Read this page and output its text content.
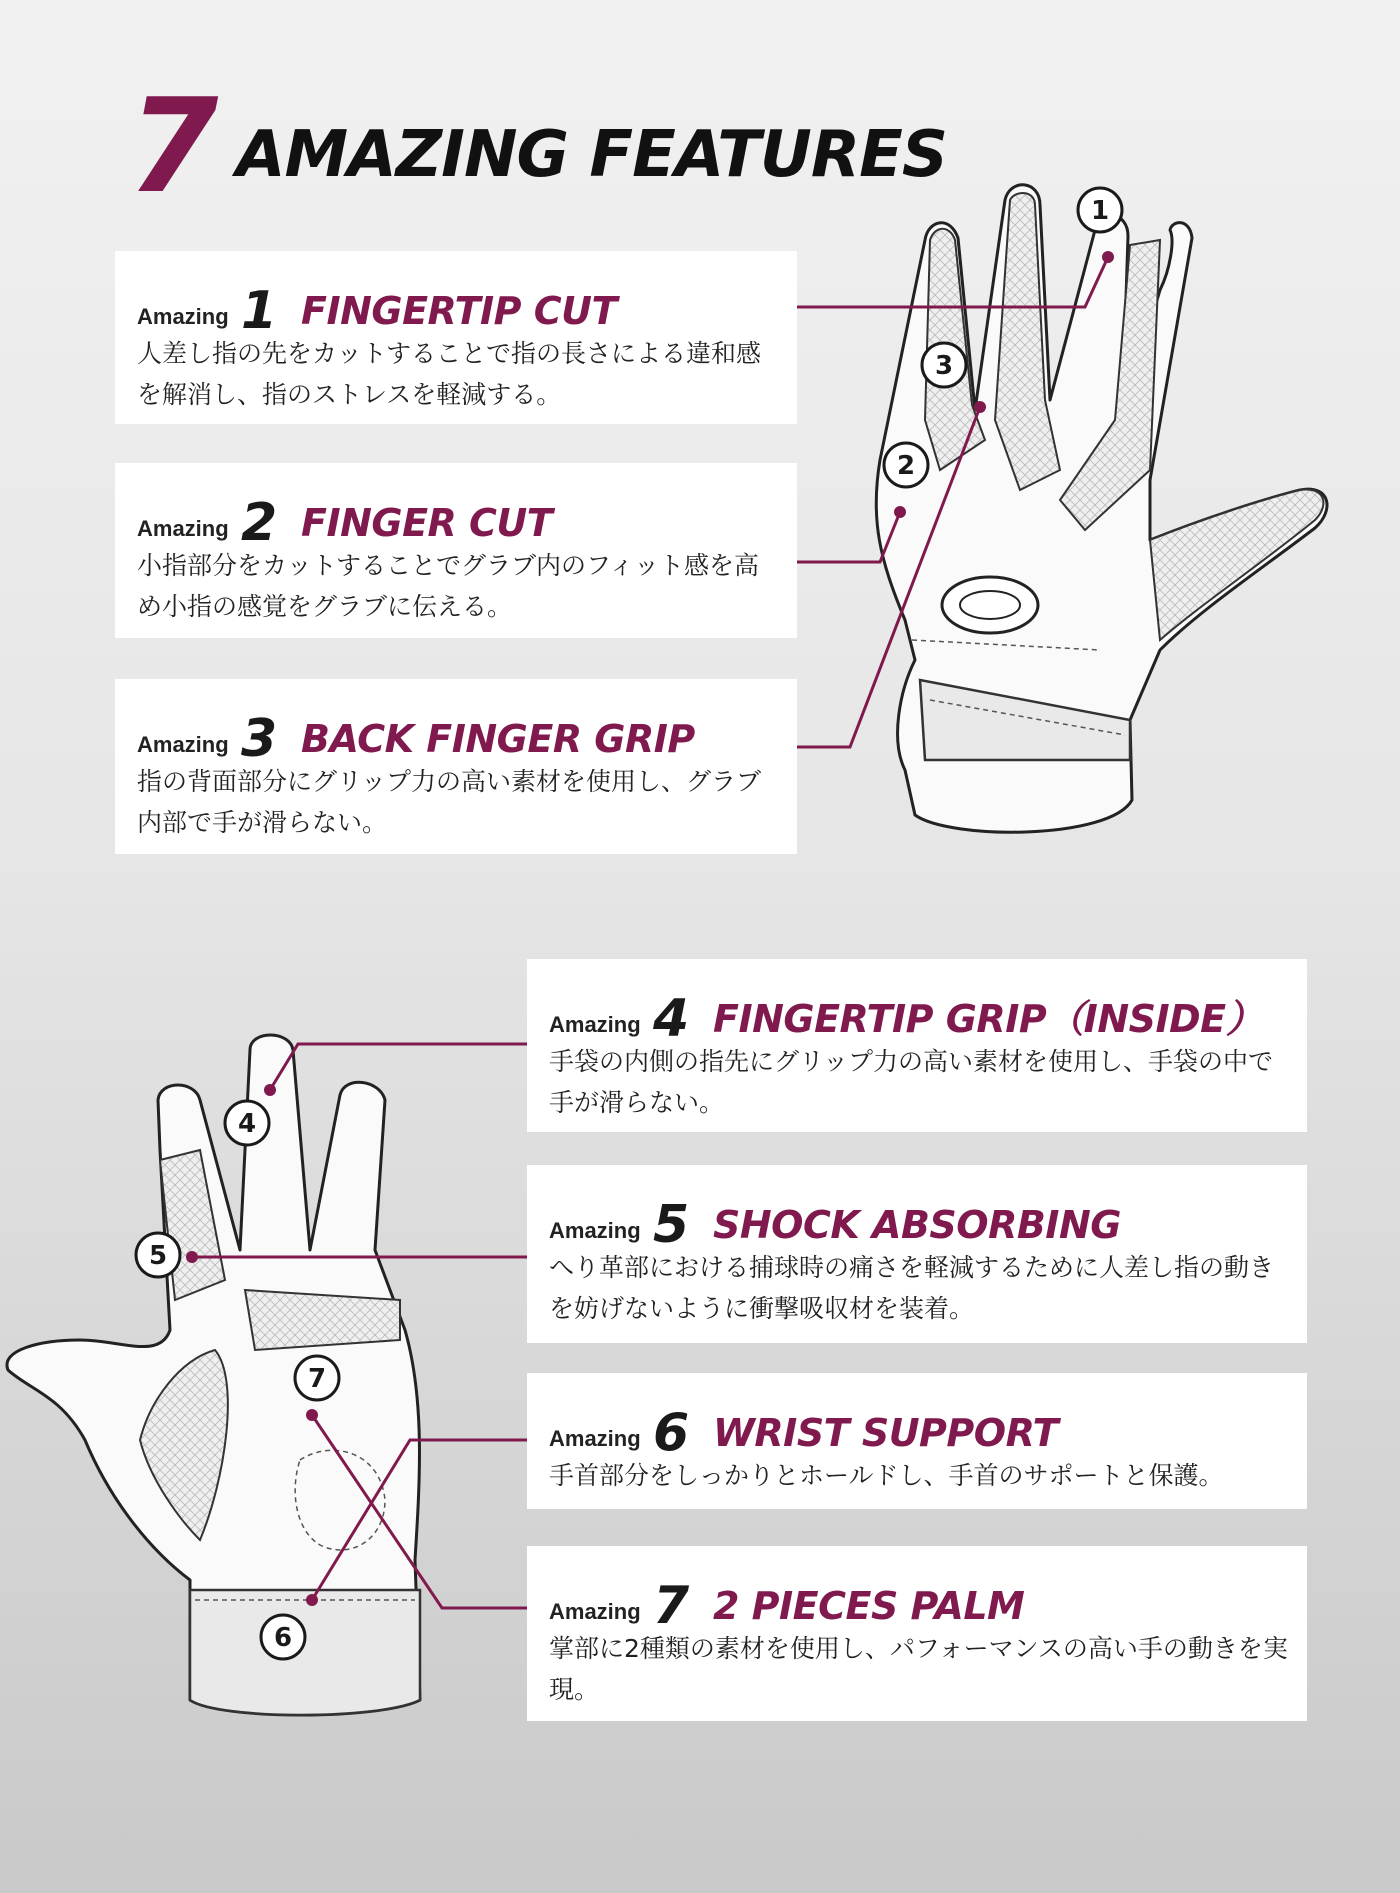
1
2
3
4
5
6
7
7 AMAZING FEATURES
Amazing 1 FINGERTIP CUT
人差し指の先をカットすることで指の長さによる違和感を解消し、指のストレスを軽減する。
Amazing 2 FINGER CUT
小指部分をカットすることでグラブ内のフィット感を高め小指の感覚をグラブに伝える。
Amazing 3 BACK FINGER GRIP
指の背面部分にグリップ力の高い素材を使用し、グラブ内部で手が滑らない。
Amazing 4 FINGERTIP GRIP（INSIDE）
手袋の内側の指先にグリップ力の高い素材を使用し、手袋の中で手が滑らない。
Amazing 5 SHOCK ABSORBING
へり革部における捕球時の痛さを軽減するために人差し指の動きを妨げないように衝撃吸収材を装着。
Amazing 6 WRIST SUPPORT
手首部分をしっかりとホールドし、手首のサポートと保護。
Amazing 7 2 PIECES PALM
掌部に2種類の素材を使用し、パフォーマンスの高い手の動きを実現。
